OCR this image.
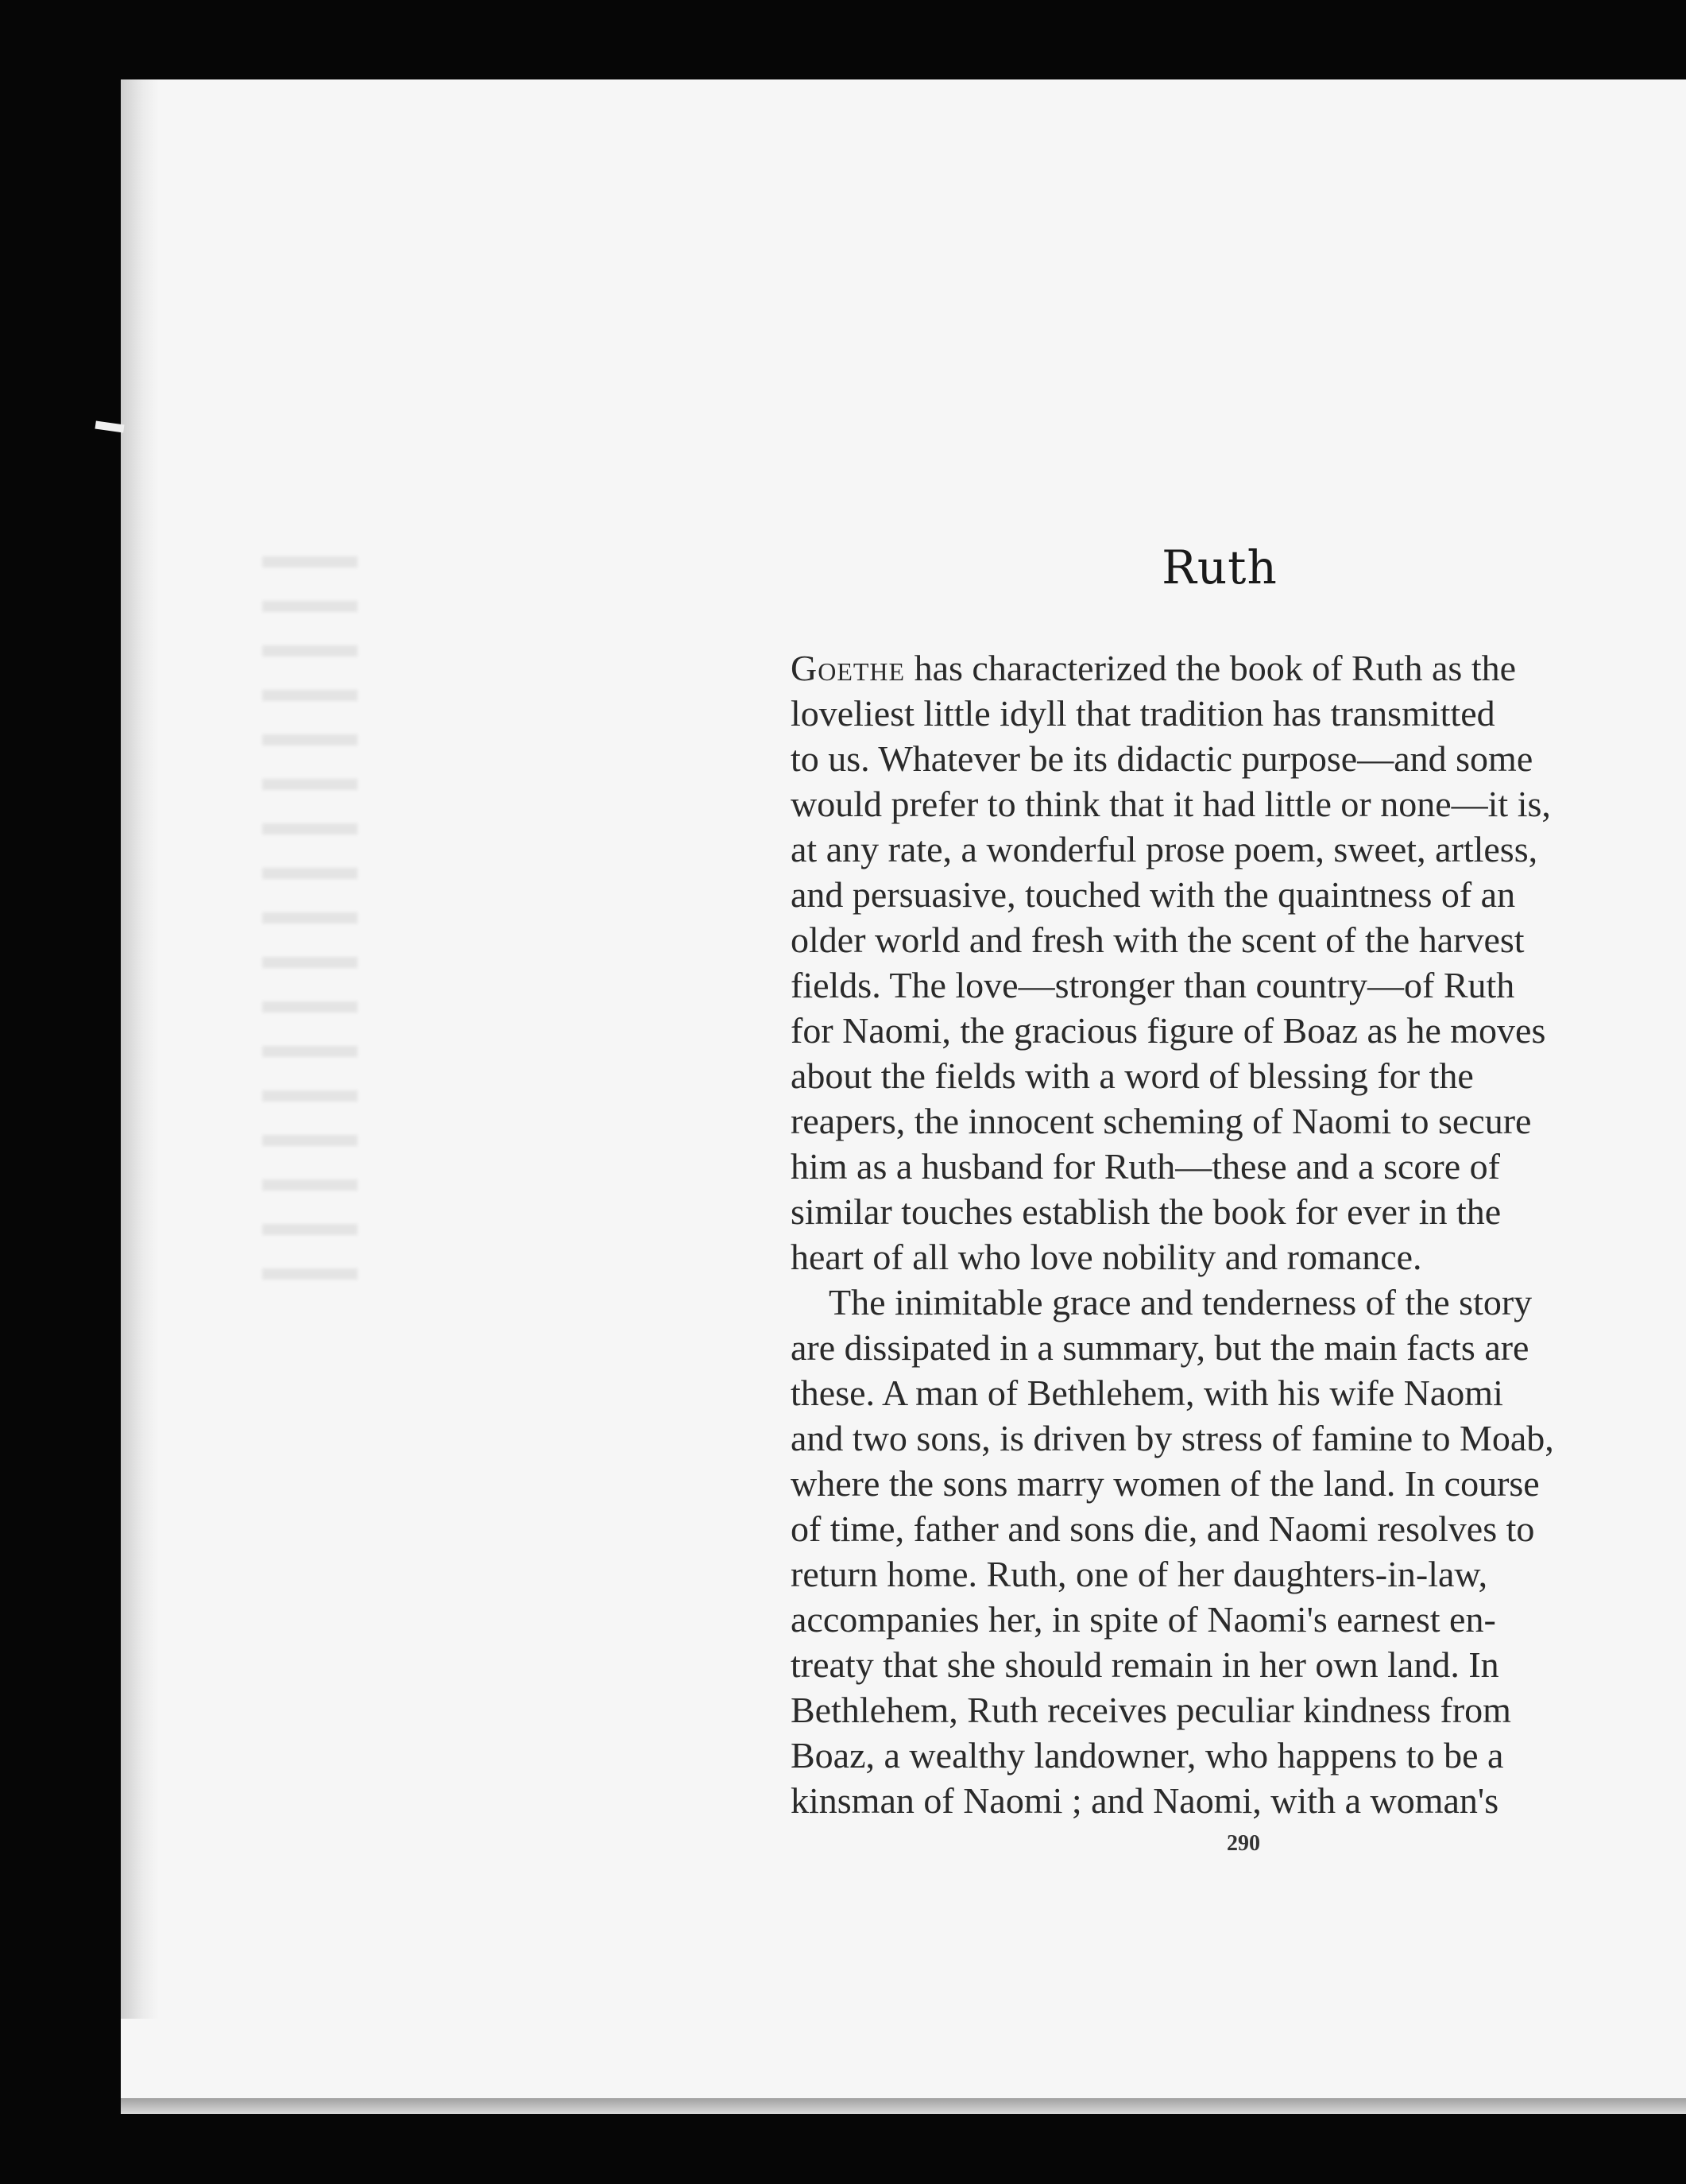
Ruth

Goethe has characterized the book of Ruth as the

loveliest little idyll that tradition has transmitted

to us. Whatever be its didactic purpose—and some

would prefer to think that it had little or none—it is,

at any rate, a wonderful prose poem, sweet, artless,

and persuasive, touched with the quaintness of an

older world and fresh with the scent of the harvest

fields. The love—stronger than country—of Ruth

for Naomi, the gracious figure of Boaz as he moves

about the fields with a word of blessing for the

reapers, the innocent scheming of Naomi to secure

him as a husband for Ruth—these and a score of

similar touches establish the book for ever in the

heart of all who love nobility and romance.

The inimitable grace and tenderness of the story

are dissipated in a summary, but the main facts are

these. A man of Bethlehem, with his wife Naomi

and two sons, is driven by stress of famine to Moab,

where the sons marry women of the land. In course

of time, father and sons die, and Naomi resolves to

return home. Ruth, one of her daughters-in-law,

accompanies her, in spite of Naomi's earnest en-

treaty that she should remain in her own land. In

Bethlehem, Ruth receives peculiar kindness from

Boaz, a wealthy landowner, who happens to be a

kinsman of Naomi ; and Naomi, with a woman's

290
